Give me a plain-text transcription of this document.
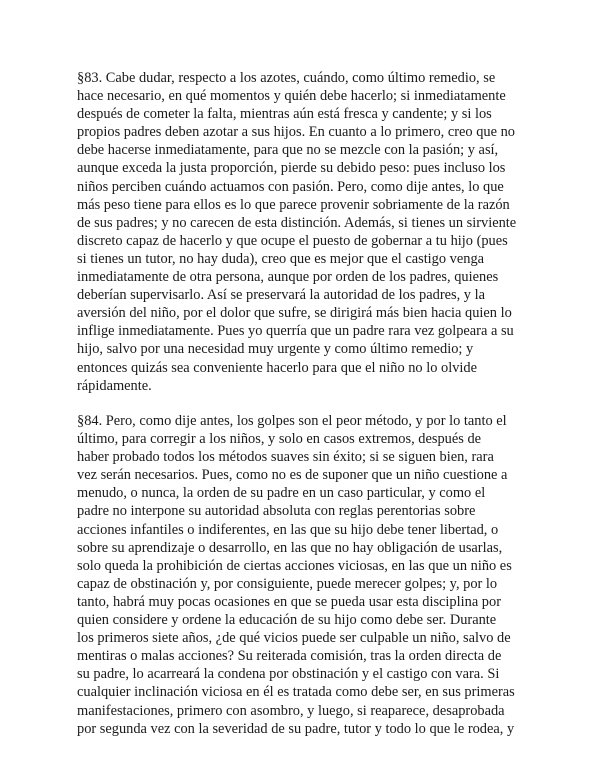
§83. Cabe dudar, respecto a los azotes, cuándo, como último remedio, se
hace necesario, en qué momentos y quién debe hacerlo; si inmediatamente
después de cometer la falta, mientras aún está fresca y candente; y si los
propios padres deben azotar a sus hijos. En cuanto a lo primero, creo que no
debe hacerse inmediatamente, para que no se mezcle con la pasión; y así,
aunque exceda la justa proporción, pierde su debido peso: pues incluso los
niños perciben cuándo actuamos con pasión. Pero, como dije antes, lo que
más peso tiene para ellos es lo que parece provenir sobriamente de la razón
de sus padres; y no carecen de esta distinción. Además, si tienes un sirviente
discreto capaz de hacerlo y que ocupe el puesto de gobernar a tu hijo (pues
si tienes un tutor, no hay duda), creo que es mejor que el castigo venga
inmediatamente de otra persona, aunque por orden de los padres, quienes
deberían supervisarlo. Así se preservará la autoridad de los padres, y la
aversión del niño, por el dolor que sufre, se dirigirá más bien hacia quien lo
inflige inmediatamente. Pues yo querría que un padre rara vez golpeara a su
hijo, salvo por una necesidad muy urgente y como último remedio; y
entonces quizás sea conveniente hacerlo para que el niño no lo olvide
rápidamente.
§84. Pero, como dije antes, los golpes son el peor método, y por lo tanto el
último, para corregir a los niños, y solo en casos extremos, después de
haber probado todos los métodos suaves sin éxito; si se siguen bien, rara
vez serán necesarios. Pues, como no es de suponer que un niño cuestione a
menudo, o nunca, la orden de su padre en un caso particular, y como el
padre no interpone su autoridad absoluta con reglas perentorias sobre
acciones infantiles o indiferentes, en las que su hijo debe tener libertad, o
sobre su aprendizaje o desarrollo, en las que no hay obligación de usarlas,
solo queda la prohibición de ciertas acciones viciosas, en las que un niño es
capaz de obstinación y, por consiguiente, puede merecer golpes; y, por lo
tanto, habrá muy pocas ocasiones en que se pueda usar esta disciplina por
quien considere y ordene la educación de su hijo como debe ser. Durante
los primeros siete años, ¿de qué vicios puede ser culpable un niño, salvo de
mentiras o malas acciones? Su reiterada comisión, tras la orden directa de
su padre, lo acarreará la condena por obstinación y el castigo con vara. Si
cualquier inclinación viciosa en él es tratada como debe ser, en sus primeras
manifestaciones, primero con asombro, y luego, si reaparece, desaprobada
por segunda vez con la severidad de su padre, tutor y todo lo que le rodea, y
